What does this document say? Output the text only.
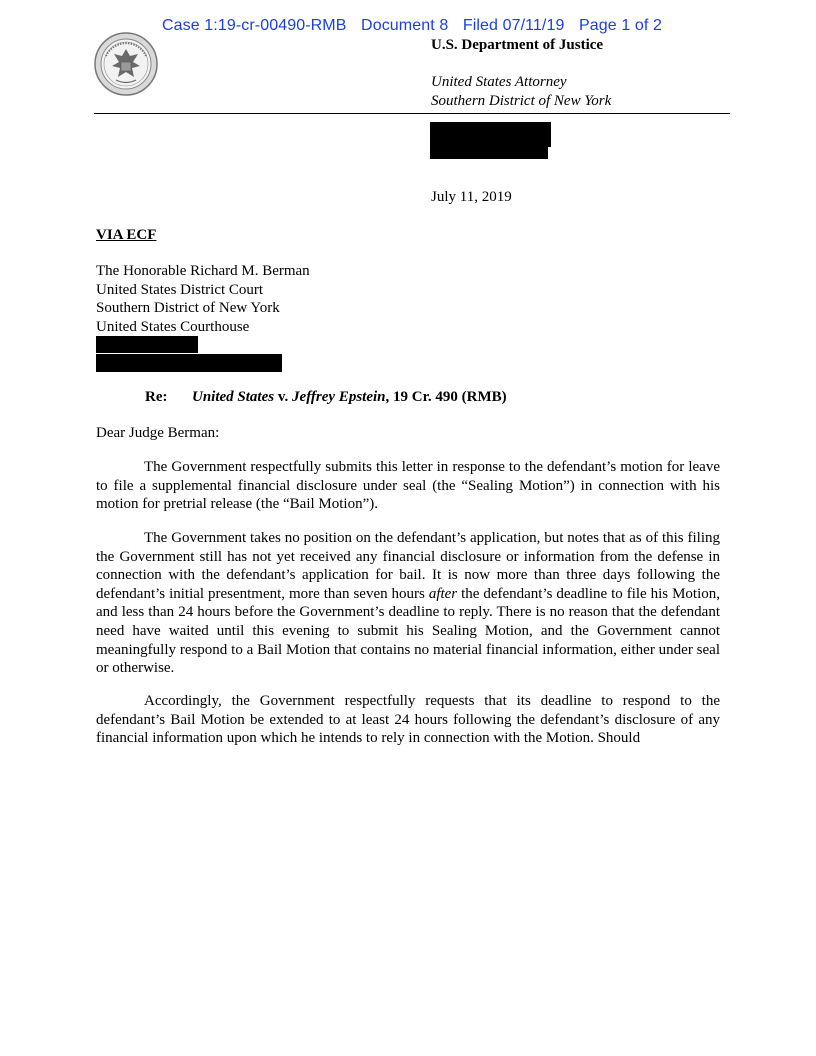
Case 1:19-cr-00490-RMB Document 8 Filed 07/11/19 Page 1 of 2
U.S. Department of Justice
United States Attorney
Southern District of New York
July 11, 2019
VIA ECF
The Honorable Richard M. Berman
United States District Court
Southern District of New York
United States Courthouse
Re: United States v. Jeffrey Epstein, 19 Cr. 490 (RMB)
Dear Judge Berman:
The Government respectfully submits this letter in response to the defendant’s motion for leave to file a supplemental financial disclosure under seal (the “Sealing Motion”) in connection with his motion for pretrial release (the “Bail Motion”).
The Government takes no position on the defendant’s application, but notes that as of this filing the Government still has not yet received any financial disclosure or information from the defense in connection with the defendant’s application for bail. It is now more than three days following the defendant’s initial presentment, more than seven hours after the defendant’s deadline to file his Motion, and less than 24 hours before the Government’s deadline to reply. There is no reason that the defendant need have waited until this evening to submit his Sealing Motion, and the Government cannot meaningfully respond to a Bail Motion that contains no material financial information, either under seal or otherwise.
Accordingly, the Government respectfully requests that its deadline to respond to the defendant’s Bail Motion be extended to at least 24 hours following the defendant’s disclosure of any financial information upon which he intends to rely in connection with the Motion. Should
